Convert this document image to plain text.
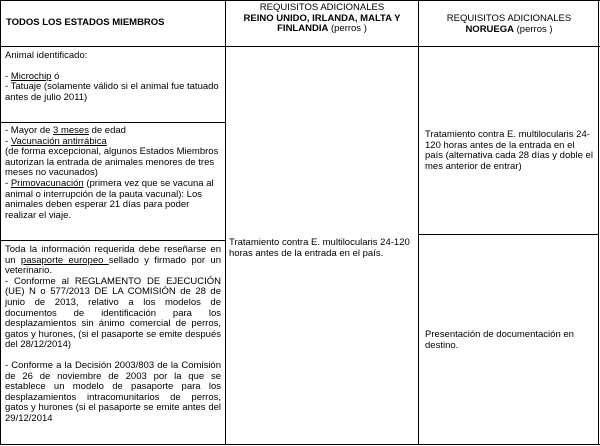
TODOS LOS ESTADOS MIEMBROS

REQUISITOS ADICIONALES

REINO UNIDO, IRLANDA, MALTA Y FINLANDIA (perros )

REQUISITOS ADICIONALES

NORUEGA (perros )

Animal identificado:

- Microchip ó

- Tatuaje (solamente válido si el animal fue tatuado antes de julio 2011)

- Mayor de 3 meses de edad

- Vacunación antirrábica

(de forma excepcional, algunos Estados Miembros autorizan la entrada de animales menores de tres meses no vacunados)

- Primovacunación (primera vez que se vacuna al animal o interrupción de la pauta vacunal): Los animales deben esperar 21 días para poder realizar el viaje.

Toda la información requerida debe reseñarse en un pasaporte europeo sellado y firmado por un veterinario.

- Conforme al REGLAMENTO DE EJECUCIÓN (UE) N o 577/2013 DE LA COMISIÓN de 28 de junio de 2013, relativo a los modelos de documentos de identificación para los desplazamientos sin ánimo comercial de perros, gatos y hurones, (si el pasaporte se emite después del 28/12/2014)

- Conforme a la Decisión 2003/803 de la Comisión de 26 de noviembre de 2003 por la que se establece un modelo de pasaporte para los desplazamientos intracomunitarios de perros, gatos y hurones (si el pasaporte se emite antes del 29/12/2014

Tratamiento contra E. multilocularis 24-120 horas antes de la entrada en el país.

Tratamiento contra E. multilocularis 24-120 horas antes de la entrada en el país (alternativa cada 28 días y doble el mes anterior de entrar)

Presentación de documentación en destino.
